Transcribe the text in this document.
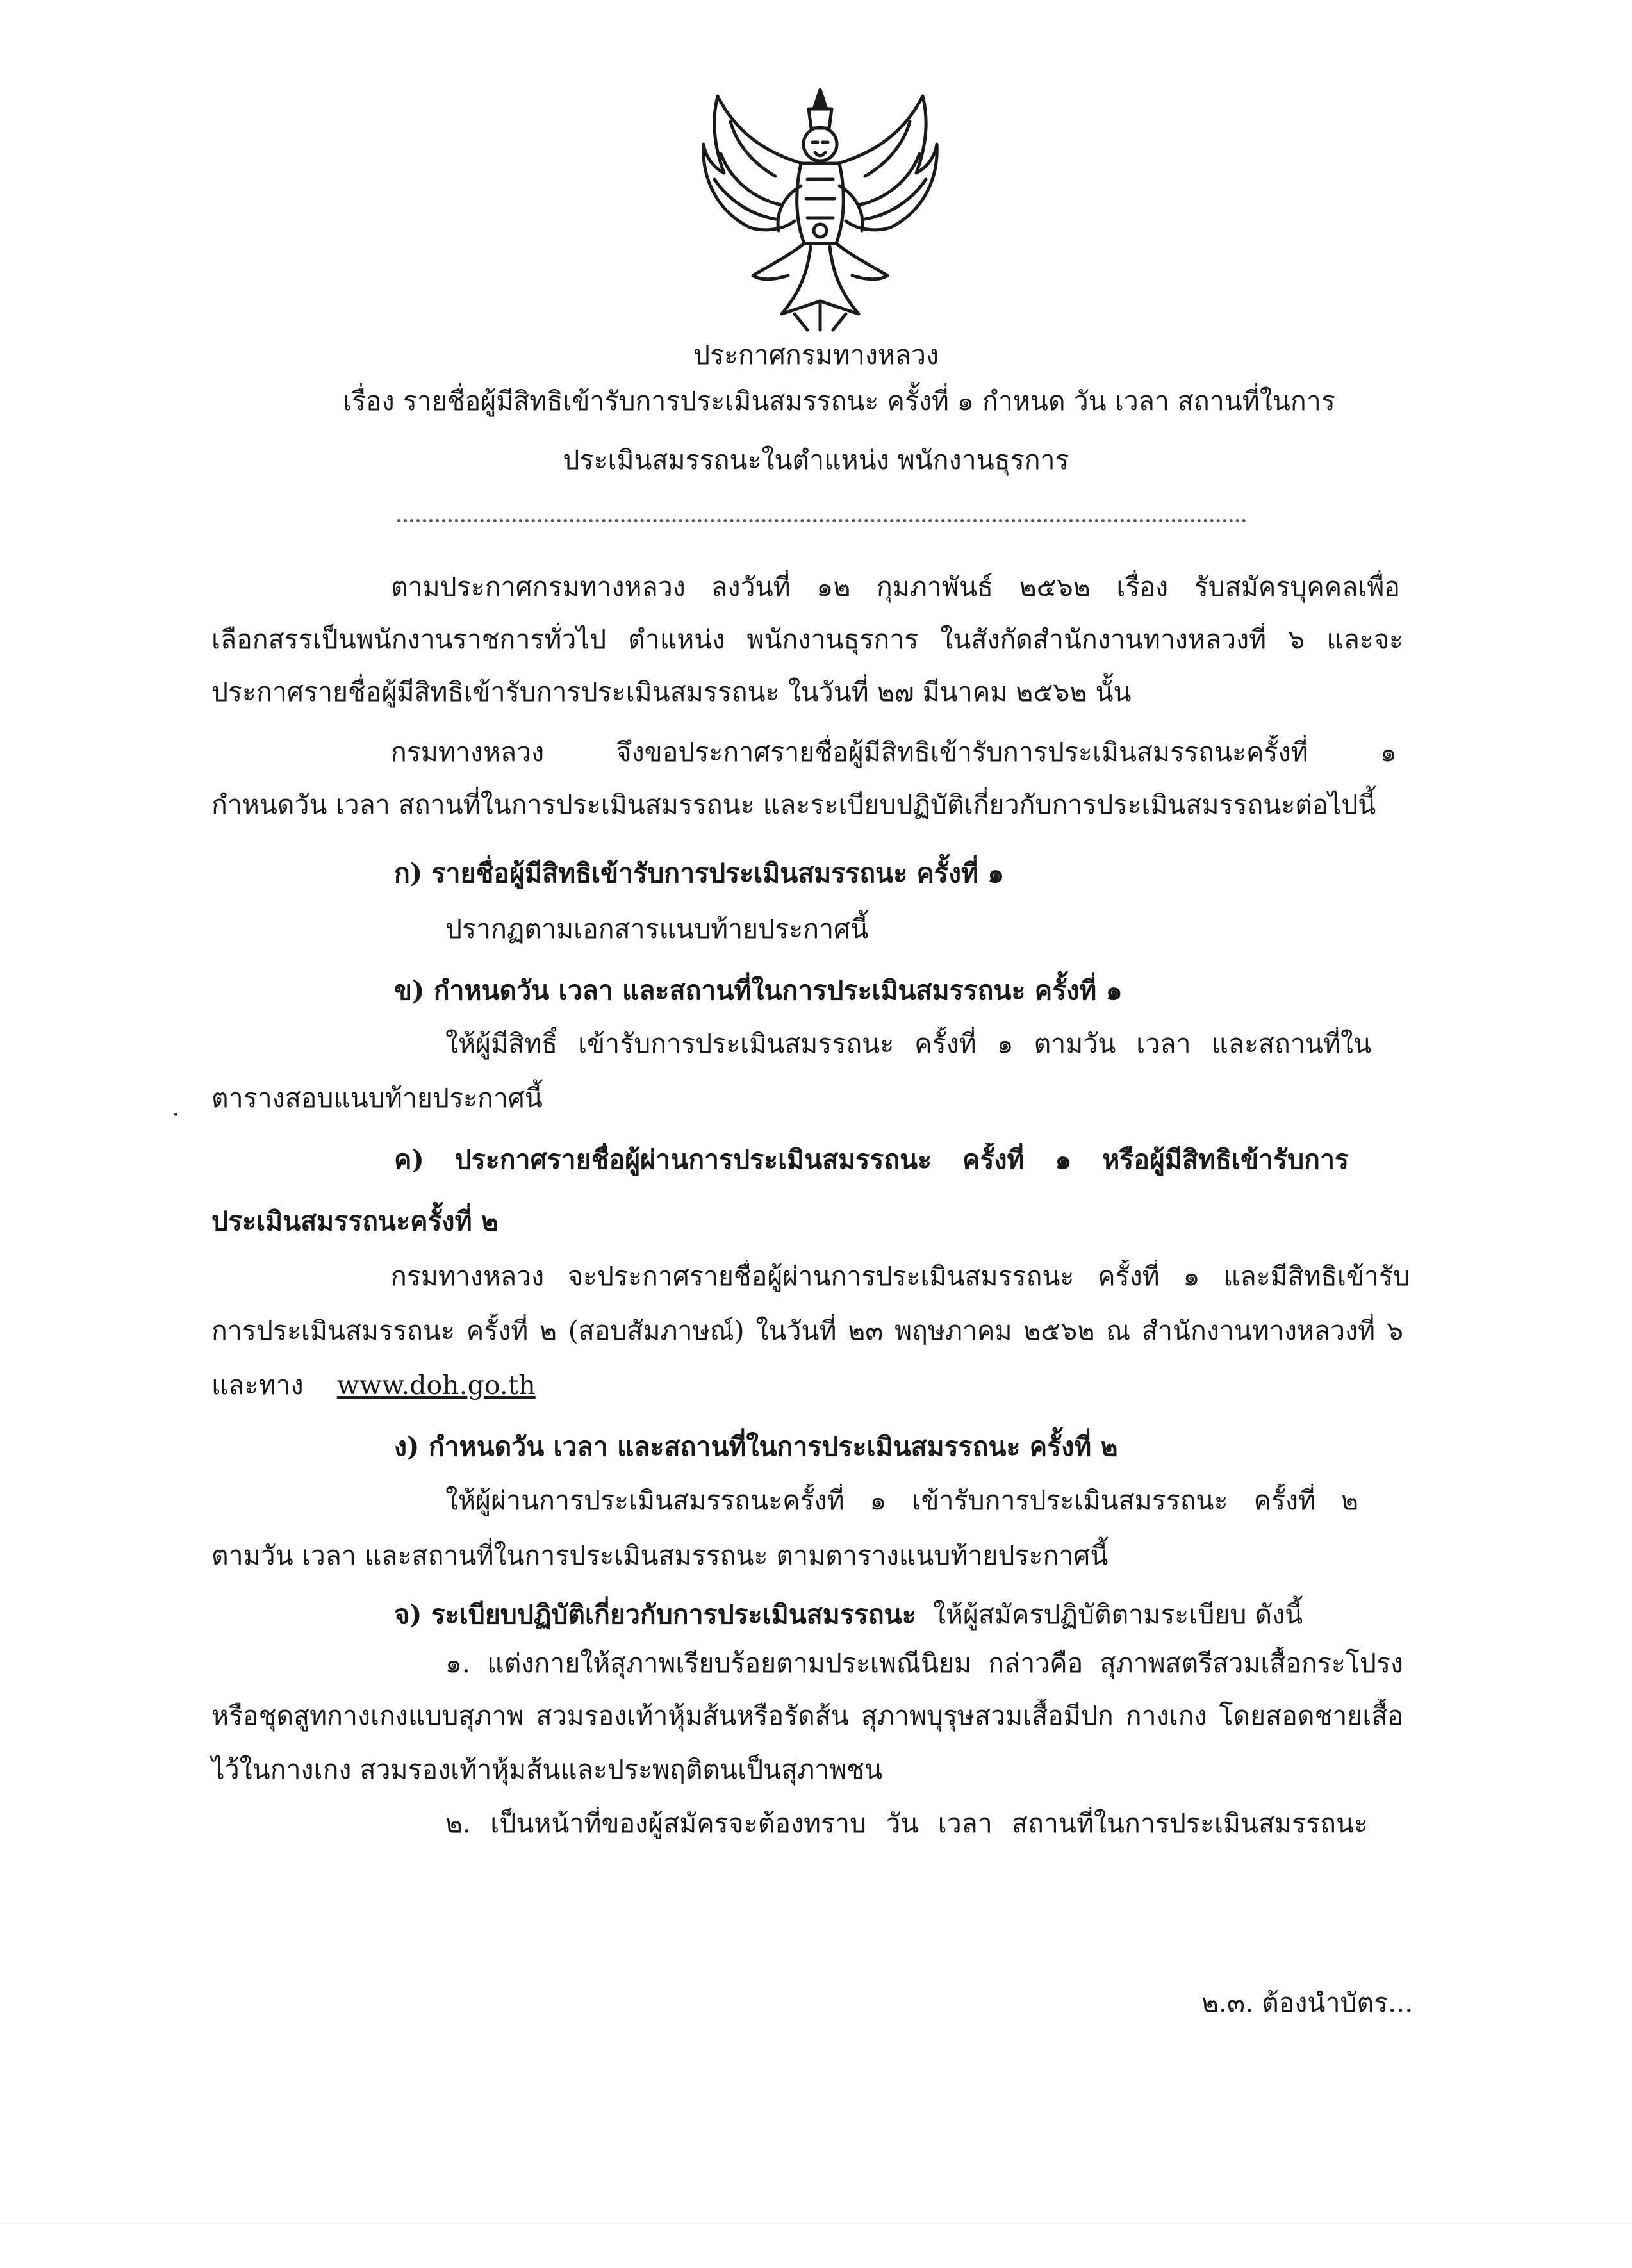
ประกาศกรมทางหลวง
เรื่อง รายชื่อผู้มีสิทธิเข้ารับการประเมินสมรรถนะ ครั้งที่ ๑ กำหนด วัน เวลา สถานที่ในการ
ประเมินสมรรถนะในตำแหน่ง พนักงานธุรการ
ตามประกาศกรมทางหลวง ลงวันที่ ๑๒ กุมภาพันธ์ ๒๕๖๒ เรื่อง รับสมัครบุคคลเพื่อ
เลือกสรรเป็นพนักงานราชการทั่วไป ตำแหน่ง พนักงานธุรการ ในสังกัดสำนักงานทางหลวงที่ ๖ และจะ
ประกาศรายชื่อผู้มีสิทธิเข้ารับการประเมินสมรรถนะ ในวันที่ ๒๗ มีนาคม ๒๕๖๒ นั้น
กรมทางหลวง จึงขอประกาศรายชื่อผู้มีสิทธิเข้ารับการประเมินสมรรถนะครั้งที่ ๑
กำหนดวัน เวลา สถานที่ในการประเมินสมรรถนะ และระเบียบปฏิบัติเกี่ยวกับการประเมินสมรรถนะต่อไปนี้
ก) รายชื่อผู้มีสิทธิเข้ารับการประเมินสมรรถนะ ครั้งที่ ๑
ปรากฏตามเอกสารแนบท้ายประกาศนี้
ข) กำหนดวัน เวลา และสถานที่ในการประเมินสมรรถนะ ครั้งที่ ๑
ให้ผู้มีสิทธิ์ เข้ารับการประเมินสมรรถนะ ครั้งที่ ๑ ตามวัน เวลา และสถานที่ใน
ตารางสอบแนบท้ายประกาศนี้
ค) ประกาศรายชื่อผู้ผ่านการประเมินสมรรถนะ ครั้งที่ ๑ หรือผู้มีสิทธิเข้ารับการ
ประเมินสมรรถนะครั้งที่ ๒
กรมทางหลวง จะประกาศรายชื่อผู้ผ่านการประเมินสมรรถนะ ครั้งที่ ๑ และมีสิทธิเข้ารับ
การประเมินสมรรถนะ ครั้งที่ ๒ (สอบสัมภาษณ์) ในวันที่ ๒๓ พฤษภาคม ๒๕๖๒ ณ สำนักงานทางหลวงที่ ๖
และทาง www.doh.go.th
ง) กำหนดวัน เวลา และสถานที่ในการประเมินสมรรถนะ ครั้งที่ ๒
ให้ผู้ผ่านการประเมินสมรรถนะครั้งที่ ๑ เข้ารับการประเมินสมรรถนะ ครั้งที่ ๒
ตามวัน เวลา และสถานที่ในการประเมินสมรรถนะ ตามตารางแนบท้ายประกาศนี้
จ) ระเบียบปฏิบัติเกี่ยวกับการประเมินสมรรถนะ ให้ผู้สมัครปฏิบัติตามระเบียบ ดังนี้
๑. แต่งกายให้สุภาพเรียบร้อยตามประเพณีนิยม กล่าวคือ สุภาพสตรีสวมเสื้อกระโปรง
หรือชุดสูทกางเกงแบบสุภาพ สวมรองเท้าหุ้มส้นหรือรัดส้น สุภาพบุรุษสวมเสื้อมีปก กางเกง โดยสอดชายเสื้อ
ไว้ในกางเกง สวมรองเท้าหุ้มส้นและประพฤติตนเป็นสุภาพชน
๒. เป็นหน้าที่ของผู้สมัครจะต้องทราบ วัน เวลา สถานที่ในการประเมินสมรรถนะ
๒.๓. ต้องนำบัตร...
